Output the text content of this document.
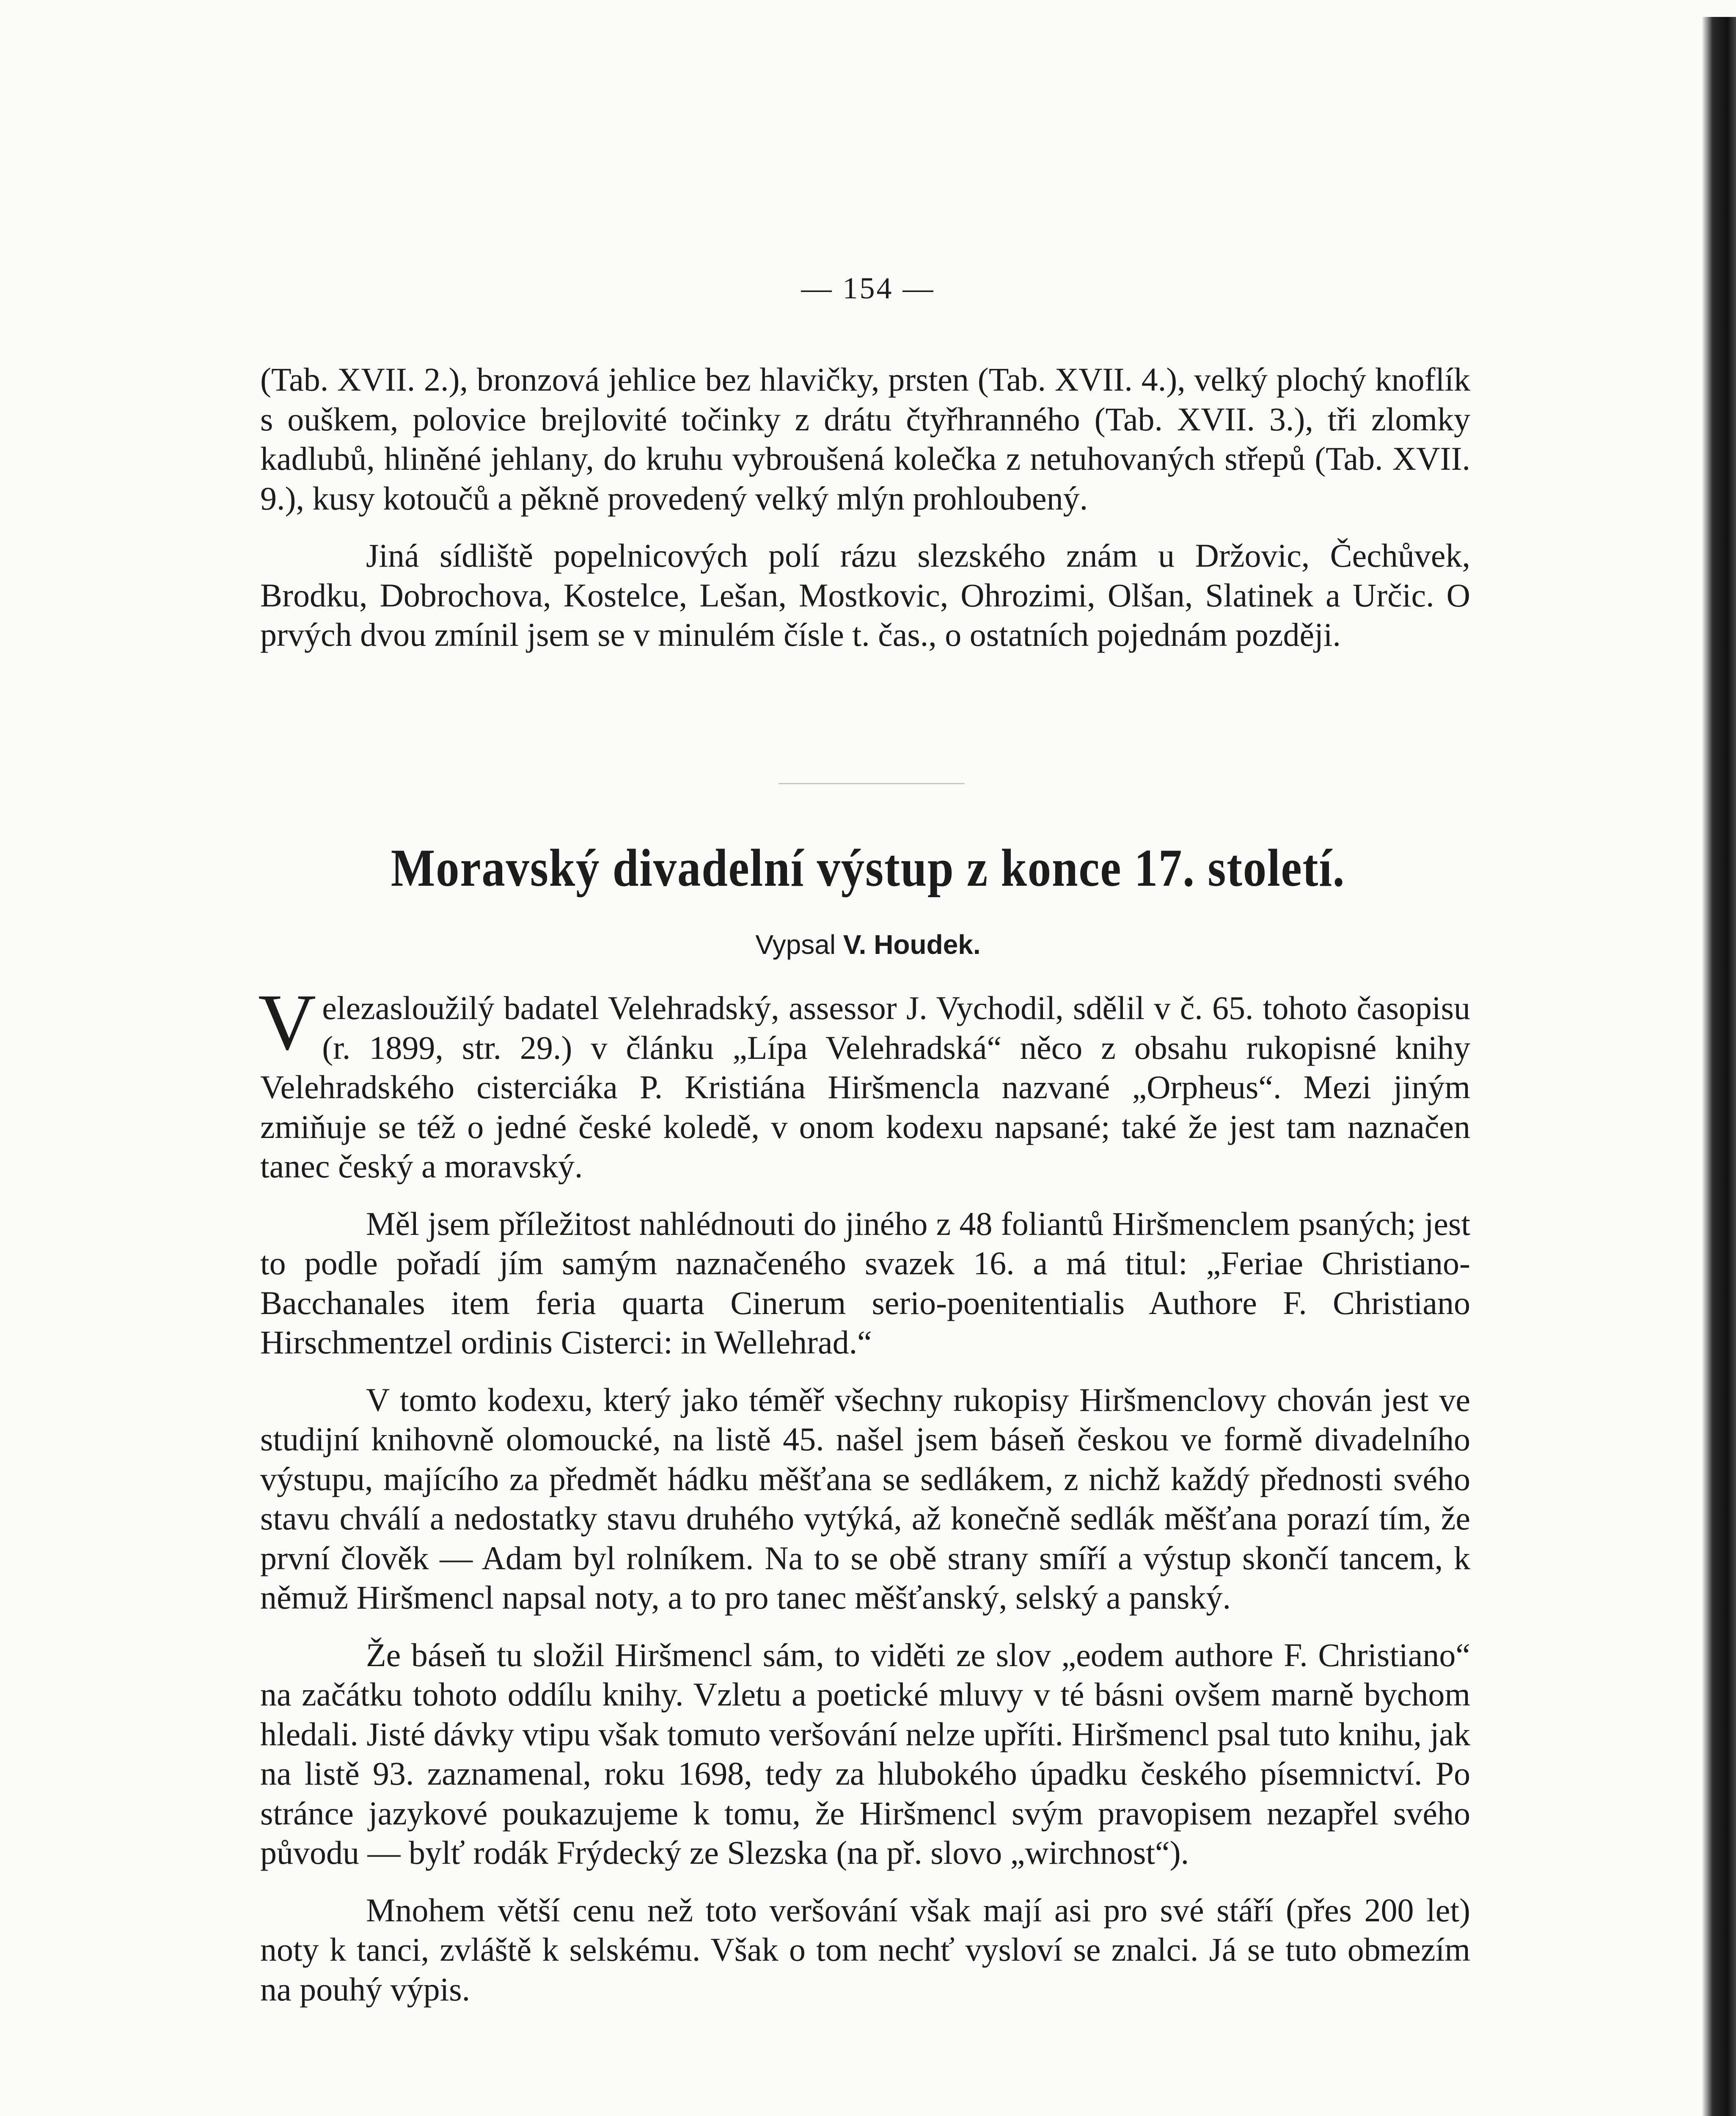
— 154 —

(Tab. XVII. 2.), bronzová jehlice bez hlavičky, prsten (Tab. XVII. 4.), velký plochý knoflík s ouškem, polovice brejlovité točinky z drátu čtyřhranného (Tab. XVII. 3.), tři zlomky kadlubů, hliněné jehlany, do kruhu vybroušená kolečka z netuhovaných střepů (Tab. XVII. 9.), kusy kotoučů a pěkně provedený velký mlýn prohloubený.

Jiná sídliště popelnicových polí rázu slezského znám u Držovic, Čechůvek, Brodku, Dobrochova, Kostelce, Lešan, Mostkovic, Ohrozimi, Olšan, Slatinek a Určic. O prvých dvou zmínil jsem se v minulém čísle t. čas., o ostatních pojednám později.

Moravský divadelní výstup z konce 17. století.
Vypsal V. Houdek.

Velezasloužilý badatel Velehradský, assessor J. Vychodil, sdělil v č. 65. tohoto časopisu (r. 1899, str. 29.) v článku „Lípa Velehradská“ něco z obsahu rukopisné knihy Velehradského cisterciáka P. Kristiána Hiršmencla nazvané „Orpheus“. Mezi jiným zmiňuje se též o jedné české koledě, v onom kodexu napsané; také že jest tam naznačen tanec český a moravský.

Měl jsem příležitost nahlédnouti do jiného z 48 foliantů Hiršmenclem psaných; jest to podle pořadí jím samým naznačeného svazek 16. a má titul: „Feriae Christiano-Bacchanales item feria quarta Cinerum serio-poenitentialis Authore F. Christiano Hirschmentzel ordinis Cisterci: in Wellehrad.“

V tomto kodexu, který jako téměř všechny rukopisy Hiršmenclovy chován jest ve studijní knihovně olomoucké, na listě 45. našel jsem báseň českou ve formě divadelního výstupu, majícího za předmět hádku měšťana se sedlákem, z nichž každý přednosti svého stavu chválí a nedostatky stavu druhého vytýká, až konečně sedlák měšťana porazí tím, že první člověk — Adam byl rolníkem. Na to se obě strany smíří a výstup skončí tancem, k němuž Hiršmencl napsal noty, a to pro tanec měšťanský, selský a panský.

Že báseň tu složil Hiršmencl sám, to viděti ze slov „eodem authore F. Christiano“ na začátku tohoto oddílu knihy. Vzletu a poetické mluvy v té básni ovšem marně bychom hledali. Jisté dávky vtipu však tomuto veršování nelze upříti. Hiršmencl psal tuto knihu, jak na listě 93. zaznamenal, roku 1698, tedy za hlubokého úpadku českého písemnictví. Po stránce jazykové poukazujeme k tomu, že Hiršmencl svým pravopisem nezapřel svého původu — bylť rodák Frýdecký ze Slezska (na př. slovo „wirchnost“).

Mnohem větší cenu než toto veršování však mají asi pro své stáří (přes 200 let) noty k tanci, zvláště k selskému. Však o tom nechť vysloví se znalci. Já se tuto obmezím na pouhý výpis.
